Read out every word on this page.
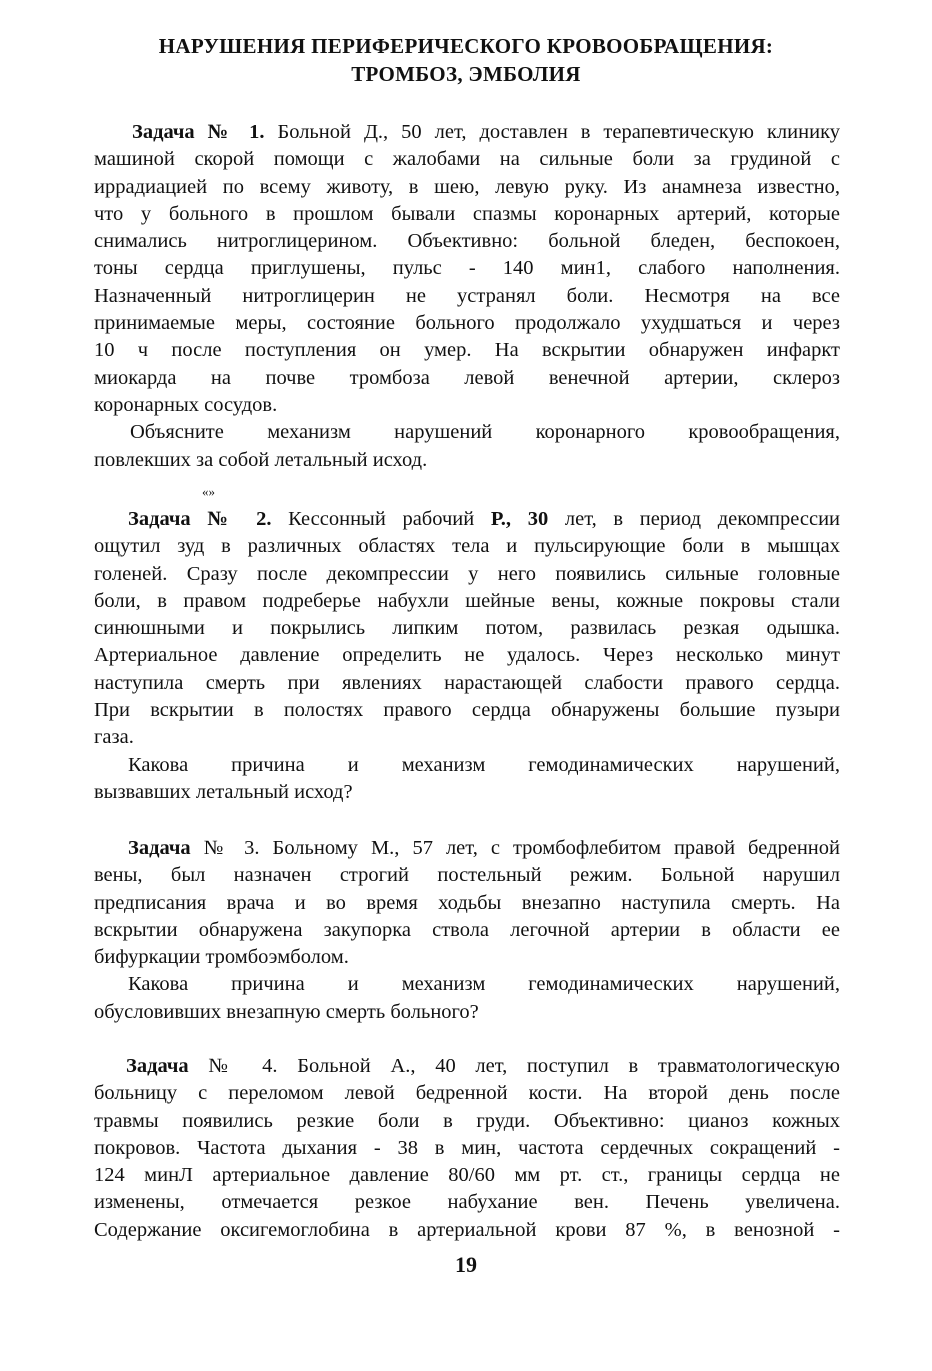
НАРУШЕНИЯ ПЕРИФЕРИЧЕСКОГО КРОВООБРАЩЕНИЯ:
ТРОМБОЗ, ЭМБОЛИЯ
Задача № 1. Больной Д., 50 лет, доставлен в терапевтическую клинику
машиной скорой помощи с жалобами на сильные боли за грудиной с
иррадиацией по всему животу, в шею, левую руку. Из анамнеза известно,
что у больного в прошлом бывали спазмы коронарных артерий, которые
снимались нитроглицерином. Объективно: больной бледен, беспокоен,
тоны сердца приглушены, пульс - 140 мин1, слабого наполнения.
Назначенный нитроглицерин не устранял боли. Несмотря на все
принимаемые меры, состояние больного продолжало ухудшаться и через
10 ч после поступления он умер. На вскрытии обнаружен инфаркт
миокарда на почве тромбоза левой венечной артерии, склероз
коронарных сосудов.
Объясните механизм нарушений коронарного кровообращения,
повлекших за собой летальный исход.
«»
Задача № 2. Кессонный рабочий Р., 30 лет, в период декомпрессии
ощутил зуд в различных областях тела и пульсирующие боли в мышцах
голеней. Сразу после декомпрессии у него появились сильные головные
боли, в правом подреберье набухли шейные вены, кожные покровы стали
синюшными и покрылись липким потом, развилась резкая одышка.
Артериальное давление определить не удалось. Через несколько минут
наступила смерть при явлениях нарастающей слабости правого сердца.
При вскрытии в полостях правого сердца обнаружены большие пузыри
газа.
Какова причина и механизм гемодинамических нарушений,
вызвавших летальный исход?
Задача № 3. Больному М., 57 лет, с тромбофлебитом правой бедренной
вены, был назначен строгий постельный режим. Больной нарушил
предписания врача и во время ходьбы внезапно наступила смерть. На
вскрытии обнаружена закупорка ствола легочной артерии в области ее
бифуркации тромбоэмболом.
Какова причина и механизм гемодинамических нарушений,
обусловивших внезапную смерть больного?
Задача № 4. Больной А., 40 лет, поступил в травматологическую
больницу с переломом левой бедренной кости. На второй день после
травмы появились резкие боли в груди. Объективно: цианоз кожных
покровов. Частота дыхания - 38 в мин, частота сердечных сокращений -
124 минЛ артериальное давление 80/60 мм рт. ст., границы сердца не
изменены, отмечается резкое набухание вен. Печень увеличена.
Содержание оксигемоглобина в артериальной крови 87 %, в венозной -
19
